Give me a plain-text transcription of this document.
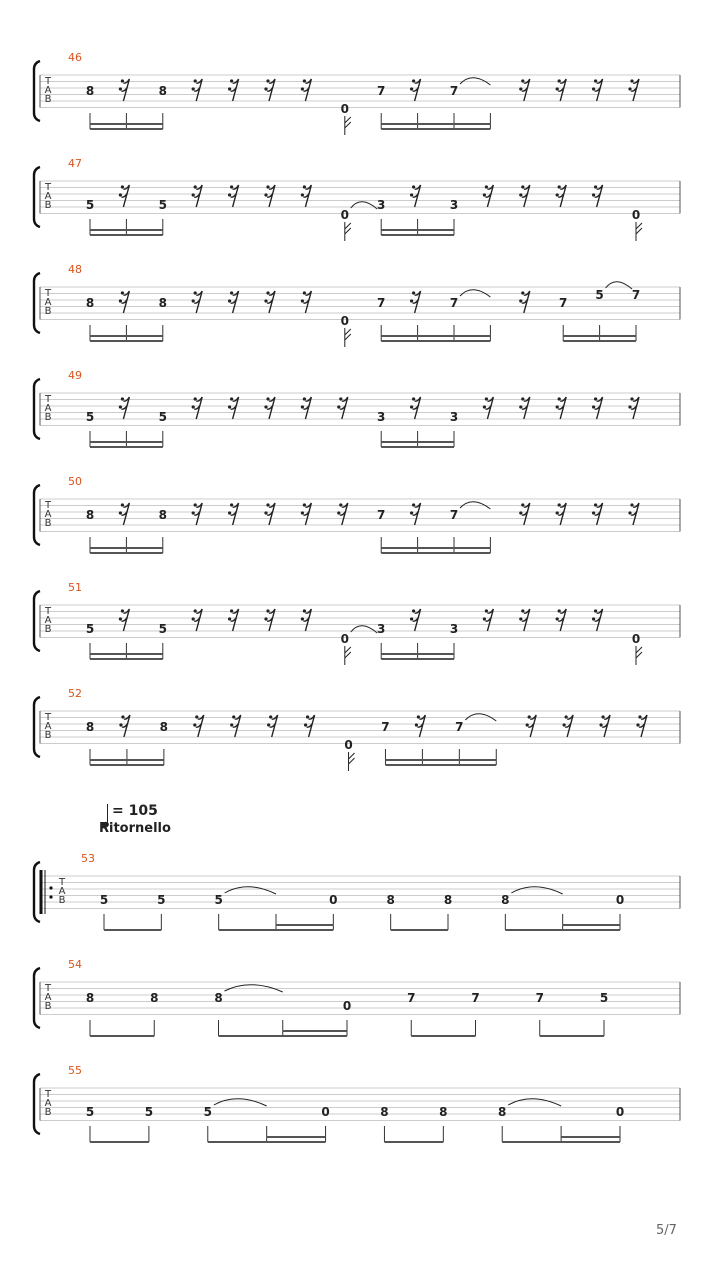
T
A
B
46
8	8
0
7	7
T
A
B
47
5	5
0
3	3
0
T
A
B
48
8	8
0
7	7	7
5 7
T
A
B
49
5	5	3	3
T
A
B
50
8	8	7	7
T
A
B
51
5	5
0
3	3
0
T
A
B
52
8	8
0
7	7
T
A
B
53
5	5	5	0	8	8	8	0
T
A
B
54
8	8	8
0
7	7	7	5
T
A
B
55
5	5	5	0	8	8	8	0
= 105
Ritornello
5/7
